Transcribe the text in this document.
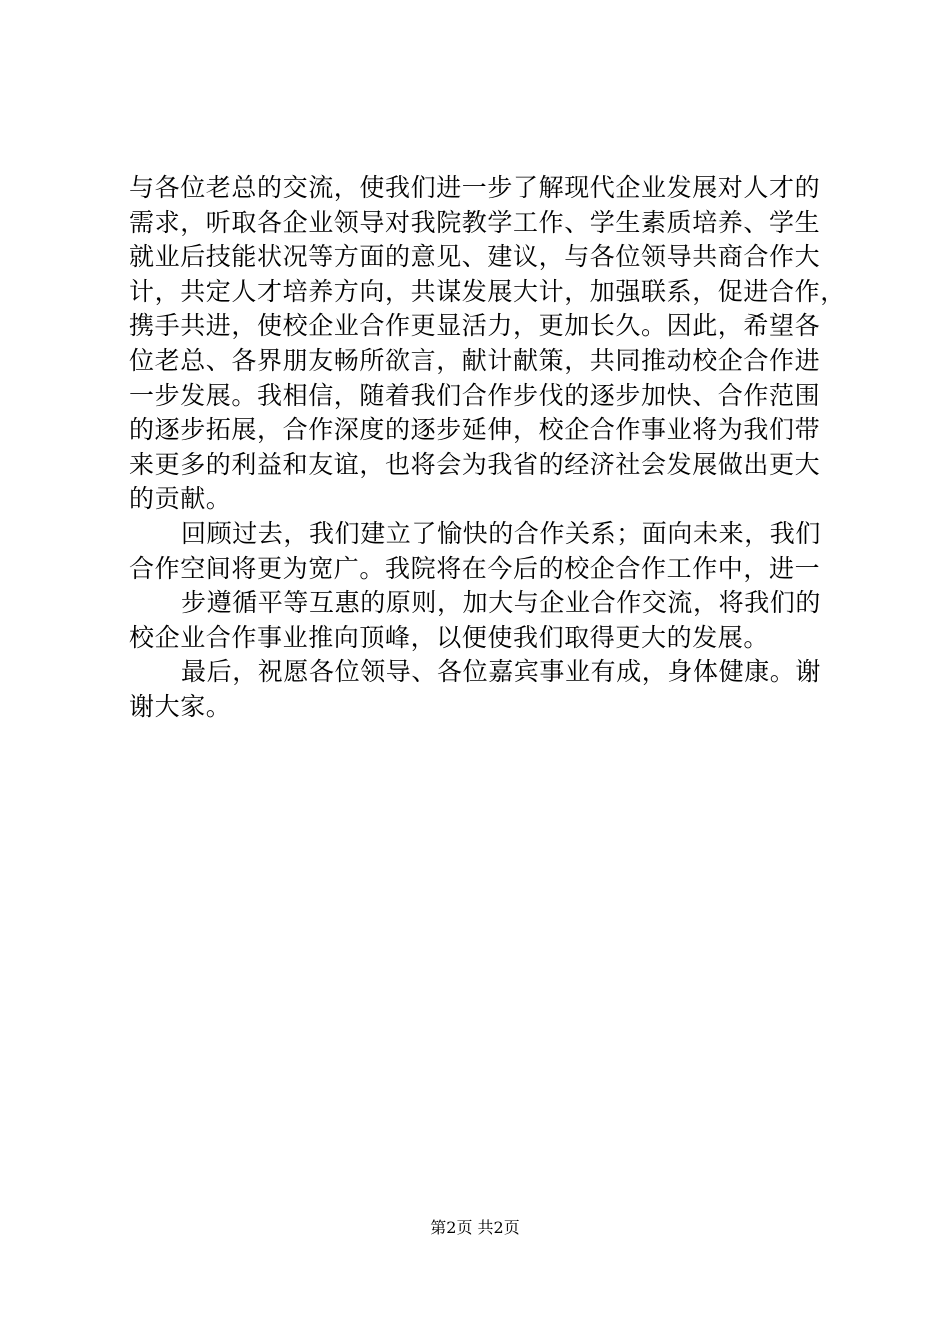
与各位老总的交流，使我们进一步了解现代企业发展对人才的
需求，听取各企业领导对我院教学工作、学生素质培养、学生
就业后技能状况等方面的意见、建议，与各位领导共商合作大
计，共定人才培养方向，共谋发展大计，加强联系，促进合作，
携手共进，使校企业合作更显活力，更加长久。因此，希望各
位老总、各界朋友畅所欲言，献计献策，共同推动校企合作进
一步发展。我相信，随着我们合作步伐的逐步加快、合作范围
的逐步拓展，合作深度的逐步延伸，校企合作事业将为我们带
来更多的利益和友谊，也将会为我省的经济社会发展做出更大
的贡献。
回顾过去，我们建立了愉快的合作关系；面向未来，我们
合作空间将更为宽广。我院将在今后的校企合作工作中，进一
步遵循平等互惠的原则，加大与企业合作交流，将我们的
校企业合作事业推向顶峰，以便使我们取得更大的发展。
最后，祝愿各位领导、各位嘉宾事业有成，身体健康。谢
谢大家。
第2页 共2页
